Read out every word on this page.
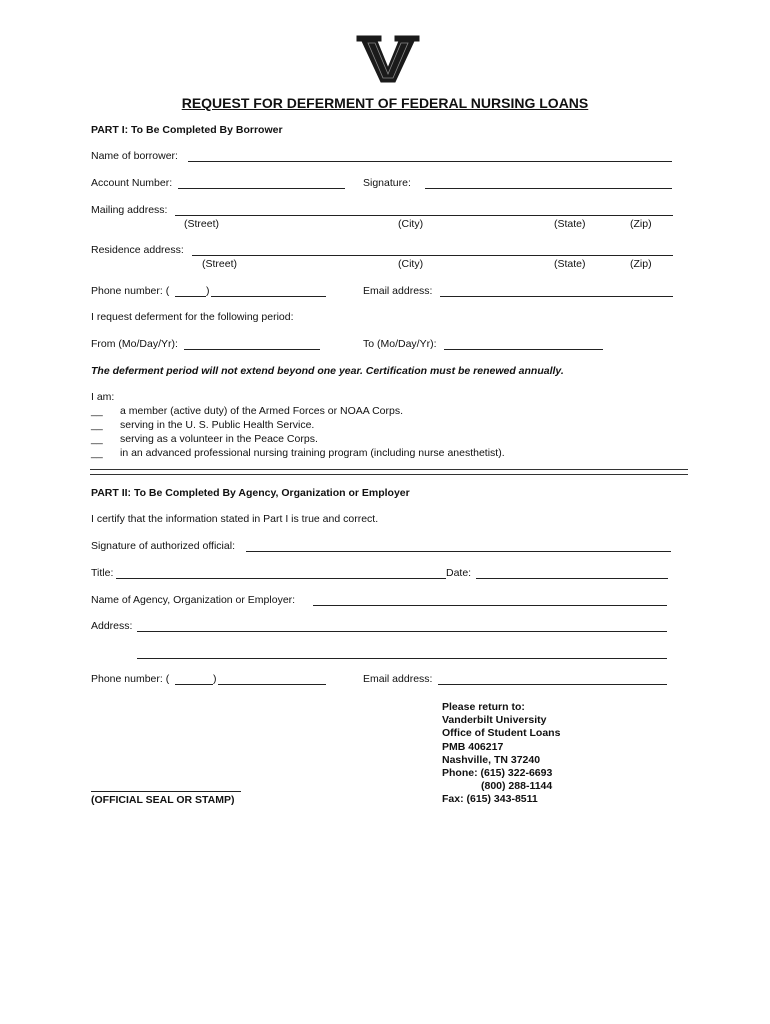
REQUEST FOR DEFERMENT OF FEDERAL NURSING LOANS
PART I: To Be Completed By Borrower
Name of borrower:
Account Number:	Signature:
Mailing address:
(Street)	(City)	(State)	(Zip)
Residence address:
(Street)	(City)	(State)	(Zip)
Phone number: (	)	Email address:
I request deferment for the following period:
From (Mo/Day/Yr):	To (Mo/Day/Yr):
The deferment period will not extend beyond one year. Certification must be renewed annually.
I am:
__ a member (active duty) of the Armed Forces or NOAA Corps.
__ serving in the U. S. Public Health Service.
__ serving as a volunteer in the Peace Corps.
__ in an advanced professional nursing training program (including nurse anesthetist).
PART II: To Be Completed By Agency, Organization or Employer
I certify that the information stated in Part I is true and correct.
Signature of authorized official:
Title:	Date:
Name of Agency, Organization or Employer:
Address:
Phone number: (	)	Email address:
Please return to:
Vanderbilt University
Office of Student Loans
PMB 406217
Nashville, TN 37240
Phone: (615) 322-6693
(800) 288-1144
Fax: (615) 343-8511
(OFFICIAL SEAL OR STAMP)
